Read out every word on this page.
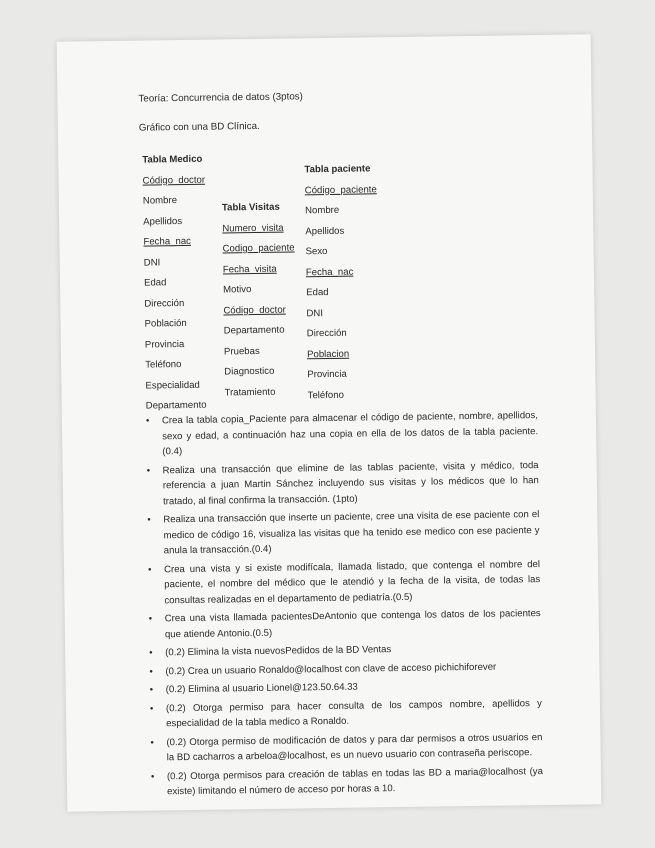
Teoría: Concurrencia de datos (3ptos)

Gráfico con una BD Clínica.

Tabla Medico
Código_doctor
Nombre
Apellidos
Fecha_nac
DNI
Edad
Dirección
Población
Provincia
Teléfono
Especialidad
Departamento
Tabla Visitas
Numero_visita
Codigo_paciente
Fecha_visita
Motivo
Código_doctor
Departamento
Pruebas
Diagnostico
Tratamiento
Tabla paciente
Código_paciente
Nombre
Apellidos
Sexo
Fecha_nac
Edad
DNI
Dirección
Poblacion
Provincia
Teléfono
• Crea la tabla copia_Paciente para almacenar el código de paciente, nombre, apellidos, sexo y edad, a continuación haz una copia en ella de los datos de la tabla paciente. (0.4)
• Realiza una transacción que elimine de las tablas paciente, visita y médico, toda referencia a juan Martin Sánchez incluyendo sus visitas y los médicos que lo han tratado, al final confirma la transacción. (1pto)
• Realiza una transacción que inserte un paciente, cree una visita de ese paciente con el medico de código 16, visualiza las visitas que ha tenido ese medico con ese paciente y anula la transacción.(0.4)
• Crea una vista y si existe modifícala, llamada listado, que contenga el nombre del paciente, el nombre del médico que le atendió y la fecha de la visita, de todas las consultas realizadas en el departamento de pediatría.(0.5)
• Crea una vista llamada pacientesDeAntonio que contenga los datos de los pacientes que atiende Antonio.(0.5)
• (0.2) Elimina la vista nuevosPedidos de la BD Ventas
• (0.2) Crea un usuario Ronaldo@localhost con clave de acceso pichichiforever
• (0.2) Elimina al usuario Lionel@123.50.64.33
• (0.2) Otorga permiso para hacer consulta de los campos nombre, apellidos y especialidad de la tabla medico a Ronaldo.
• (0.2) Otorga permiso de modificación de datos y para dar permisos a otros usuarios en la BD cacharros a arbeloa@localhost, es un nuevo usuario con contraseña periscope.
• (0.2) Otorga permisos para creación de tablas en todas las BD a maria@localhost (ya existe) limitando el número de acceso por horas a 10.
